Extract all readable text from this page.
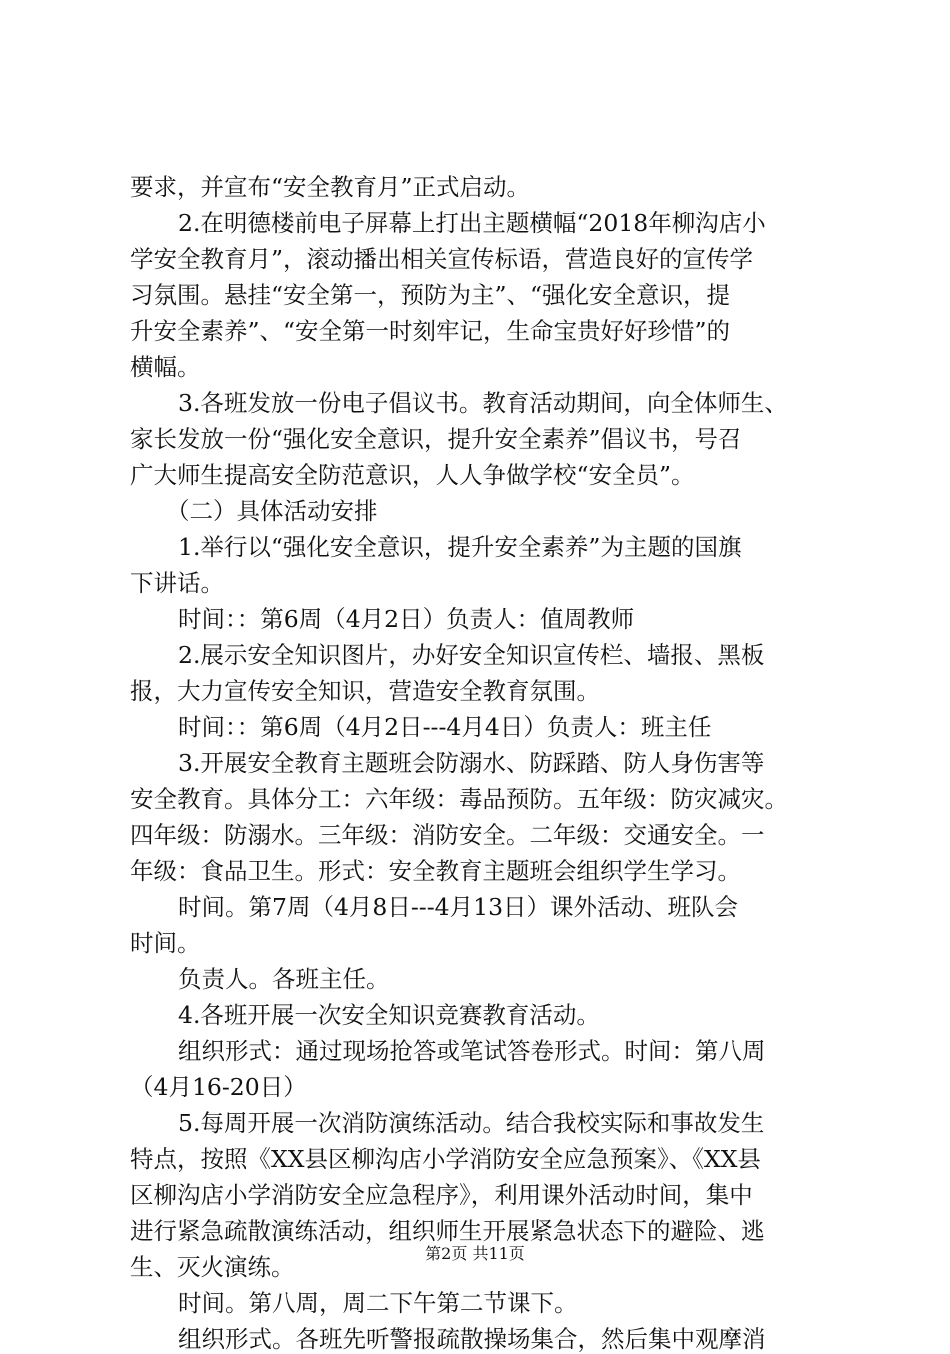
要求，并宣布“安全教育月”正式启动。
2.在明德楼前电子屏幕上打出主题横幅“2018年柳沟店小
学安全教育月”，滚动播出相关宣传标语，营造良好的宣传学
习氛围。悬挂“安全第一，预防为主”、“强化安全意识，提
升安全素养”、“安全第一时刻牢记，生命宝贵好好珍惜”的
横幅。
3.各班发放一份电子倡议书。教育活动期间，向全体师生、
家长发放一份“强化安全意识，提升安全素养”倡议书，号召
广大师生提高安全防范意识，人人争做学校“安全员”。
（二）具体活动安排
1.举行以“强化安全意识，提升安全素养”为主题的国旗
下讲话。
时间：：第6周（4月2日）负责人：值周教师
2.展示安全知识图片，办好安全知识宣传栏、墙报、黑板
报，大力宣传安全知识，营造安全教育氛围。
时间：：第6周（4月2日---4月4日）负责人：班主任
3.开展安全教育主题班会防溺水、防踩踏、防人身伤害等
安全教育。具体分工：六年级：毒品预防。五年级：防灾减灾。
四年级：防溺水。三年级：消防安全。二年级：交通安全。一
年级：食品卫生。形式：安全教育主题班会组织学生学习。
时间。第7周（4月8日---4月13日）课外活动、班队会
时间。
负责人。各班主任。
4.各班开展一次安全知识竞赛教育活动。
组织形式：通过现场抢答或笔试答卷形式。时间：第八周
（4月16-20日）
5.每周开展一次消防演练活动。结合我校实际和事故发生
特点，按照《XX县区柳沟店小学消防安全应急预案》、《XX县
区柳沟店小学消防安全应急程序》，利用课外活动时间，集中
进行紧急疏散演练活动，组织师生开展紧急状态下的避险、逃
生、灭火演练。
时间。第八周，周二下午第二节课下。
组织形式。各班先听警报疏散操场集合，然后集中观摩消
第2页 共11页
